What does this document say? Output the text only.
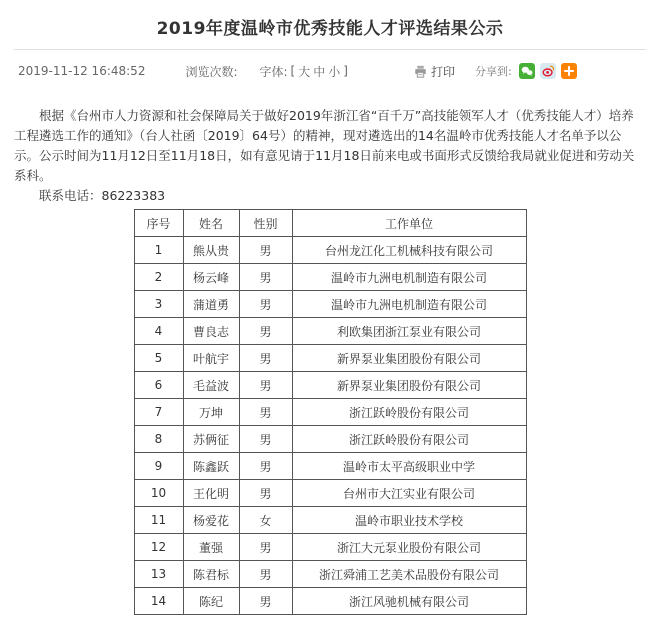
2019年度温岭市优秀技能人才评选结果公示
2019-11-12 16:48:52	浏览次数: 字体: [ 大 中 小 ]	打印 分享到:

根据《台州市人力资源和社会保障局关于做好2019年浙江省“百千万”高技能领军人才（优秀技能人才）培养工程遴选工作的通知》（台人社函〔2019〕64号）的精神，现对遴选出的14名温岭市优秀技能人才名单予以公示。公示时间为11月12日至11月18日，如有意见请于11月18日前来电或书面形式反馈给我局就业促进和劳动关系科。

联系电话：86223383

序号	姓名	性别	工作单位
1	熊从贵	男	台州龙江化工机械科技有限公司
2	杨云峰	男	温岭市九洲电机制造有限公司
3	蒲道勇	男	温岭市九洲电机制造有限公司
4	曹良志	男	利欧集团浙江泵业有限公司
5	叶航宇	男	新界泵业集团股份有限公司
6	毛益波	男	新界泵业集团股份有限公司
7	万坤	男	浙江跃岭股份有限公司
8	苏俩征	男	浙江跃岭股份有限公司
9	陈鑫跃	男	温岭市太平高级职业中学
10	王化明	男	台州市大江实业有限公司
11	杨爱花	女	温岭市职业技术学校
12	董强	男	浙江大元泵业股份有限公司
13	陈君标	男	浙江舜浦工艺美术品股份有限公司
14	陈纪	男	浙江风驰机械有限公司
